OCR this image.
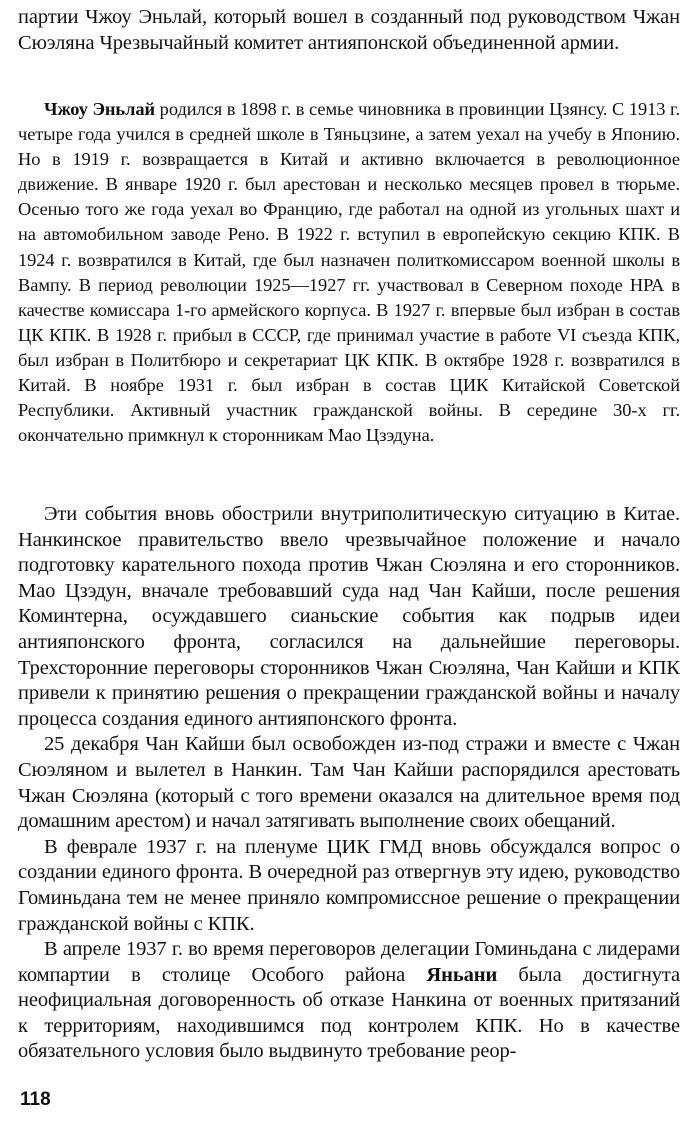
партии Чжоу Эньлай, который вошел в созданный под руководством Чжан Сюэляна Чрезвычайный комитет антияпонской объединенной армии.

Чжоу Эньлай родился в 1898 г. в семье чиновника в провинции Цзянсу. С 1913 г. четыре года учился в средней школе в Тяньцзине, а затем уехал на учебу в Японию. Но в 1919 г. возвращается в Китай и активно включается в революционное движение. В январе 1920 г. был арестован и несколько месяцев провел в тюрьме. Осенью того же года уехал во Францию, где работал на одной из угольных шахт и на автомобильном заводе Рено. В 1922 г. вступил в европейскую секцию КПК. В 1924 г. возвратился в Китай, где был назначен политкомиссаром военной школы в Вампу. В период революции 1925—1927 гг. участвовал в Северном походе НРА в качестве комиссара 1-го армейского корпуса. В 1927 г. впервые был избран в состав ЦК КПК. В 1928 г. прибыл в СССР, где принимал участие в работе VI съезда КПК, был избран в Политбюро и секретариат ЦК КПК. В октябре 1928 г. возвратился в Китай. В ноябре 1931 г. был избран в состав ЦИК Китайской Советской Республики. Активный участник гражданской войны. В середине 30-х гг. окончательно примкнул к сторонникам Мао Цзэдуна.

Эти события вновь обострили внутриполитическую ситуацию в Китае. Нанкинское правительство ввело чрезвычайное положение и начало подготовку карательного похода против Чжан Сюэляна и его сторонников. Мао Цзэдун, вначале требовавший суда над Чан Кайши, после решения Коминтерна, осуждавшего сианьские события как подрыв идеи антияпонского фронта, согласился на дальнейшие переговоры. Трехсторонние переговоры сторонников Чжан Сюэляна, Чан Кайши и КПК привели к принятию решения о прекращении гражданской войны и началу процесса создания единого антияпонского фронта.

25 декабря Чан Кайши был освобожден из-под стражи и вместе с Чжан Сюэляном и вылетел в Нанкин. Там Чан Кайши распорядился арестовать Чжан Сюэляна (который с того времени оказался на длительное время под домашним арестом) и начал затягивать выполнение своих обещаний.

В феврале 1937 г. на пленуме ЦИК ГМД вновь обсуждался вопрос о создании единого фронта. В очередной раз отвергнув эту идею, руководство Гоминьдана тем не менее приняло компромиссное решение о прекращении гражданской войны с КПК.

В апреле 1937 г. во время переговоров делегации Гоминьдана с лидерами компартии в столице Особого района Яньани была достигнута неофициальная договоренность об отказе Нанкина от военных притязаний к территориям, находившимся под контролем КПК. Но в качестве обязательного условия было выдвинуто требование реор-

118
